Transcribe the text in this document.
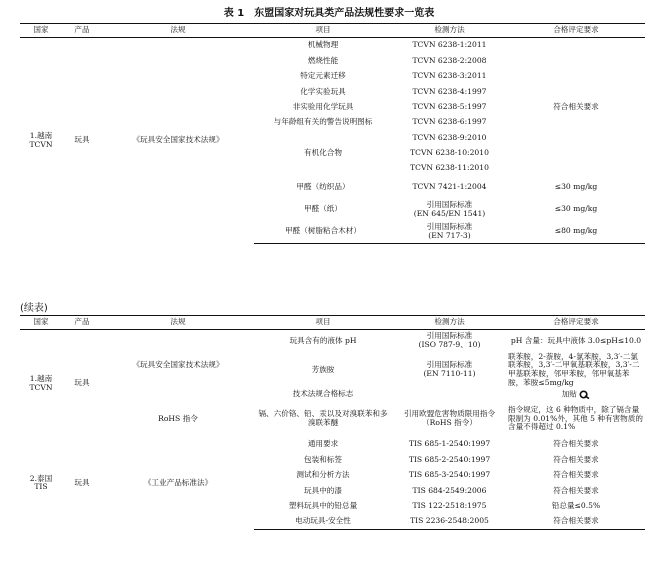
表 1　东盟国家对玩具类产品法规性要求一览表
国家	产品	法规	项目	检测方法	合格评定要求
1.越南
TCVN	玩具	《玩具安全国家技术法规》	机械物理	TCVN 6238-1:2011	符合相关要求
			燃烧性能	TCVN 6238-2:2008	
			特定元素迁移	TCVN 6238-3:2011	
			化学实验玩具	TCVN 6238-4:1997	
			非实验用化学玩具	TCVN 6238-5:1997	
			与年龄组有关的警告说明图标	TCVN 6238-6:1997	
			有机化合物	TCVN 6238-9:2010	
				TCVN 6238-10:2010	
				TCVN 6238-11:2010	
			甲醛（纺织品）	TCVN 7421-1:2004	≤30 mg/kg
			甲醛（纸）	引用国际标准
(EN 645/EN 1541)	≤30 mg/kg
			甲醛（树脂粘合木材）	引用国际标准
(EN 717-3)	≤80 mg/kg
(续表)
国家	产品	法规	项目	检测方法	合格评定要求
1.越南
TCVN	玩具	《玩具安全国家技术法规》	玩具含有的液体 pH	引用国际标准
(ISO 787-9、10)	pH 含量：玩具中液体 3.0≤pH≤10.0
			芳族胺	引用国际标准
(EN 7110-11)	联苯胺，2-萘胺，4-氯苯胺，3,3′-二氯联苯胺，3,3′-二甲氧基联苯胺，3,3′-二甲基联苯胺，邻甲苯胺，邻甲氧基苯胺，苯胺≤5mg/kg
			技术法规合格标志		加贴
		RoHS 指令	镉、六价铬、铅、汞以及对溴联苯和多溴联苯醚	引用欧盟危害物质限用指令（RoHS 指令）	指令规定，这 6 种物质中，除了镉含量限制为 0.01%外，其他 5 种有害物质的含量不得超过 0.1%
2.泰国
TIS	玩具	《工业产品标准法》	通用要求	TIS 685-1-2540:1997	符合相关要求
			包装和标签	TIS 685-2-2540:1997	符合相关要求
			测试和分析方法	TIS 685-3-2540:1997	符合相关要求
			玩具中的漆	TIS 684-2549:2006	符合相关要求
			塑料玩具中的铅总量	TIS 122-2518:1975	铅总量≤0.5%
			电动玩具-安全性	TIS 2236-2548:2005	符合相关要求
